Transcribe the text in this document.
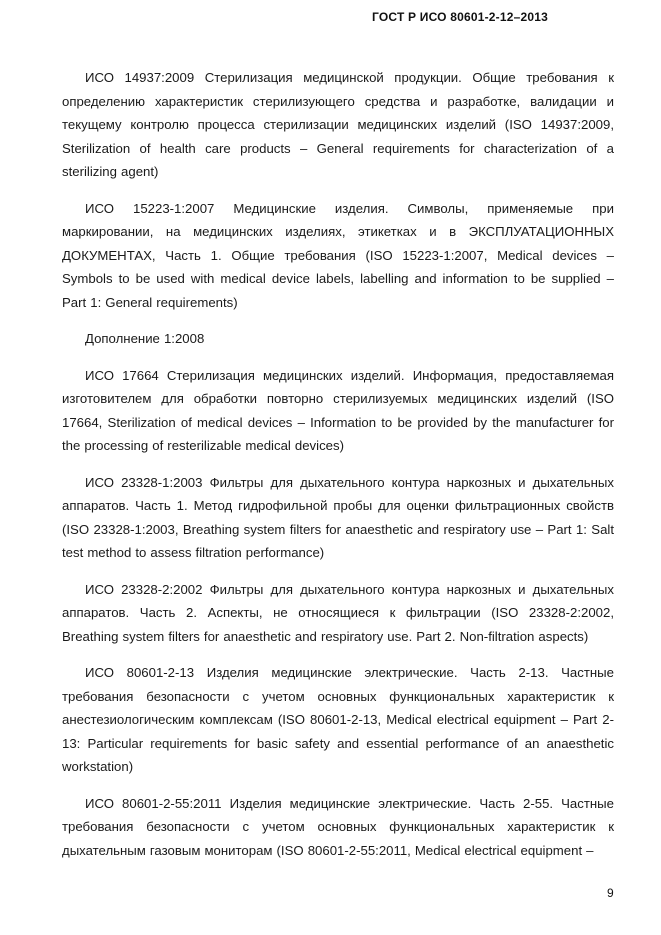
ГОСТ Р ИСО 80601-2-12–2013

ИСО 14937:2009 Стерилизация медицинской продукции. Общие требования к определению характеристик стерилизующего средства и разработке, валидации и текущему контролю процесса стерилизации медицинских изделий (ISO 14937:2009, Sterilization of health care products – General requirements for characterization of a sterilizing agent)

ИСО 15223-1:2007 Медицинские изделия. Символы, применяемые при маркировании, на медицинских изделиях, этикетках и в ЭКСПЛУАТАЦИОННЫХ ДОКУМЕНТАХ, Часть 1. Общие требования (ISO 15223-1:2007, Medical devices – Symbols to be used with medical device labels, labelling and information to be supplied – Part 1: General requirements)

Дополнение 1:2008

ИСО 17664 Стерилизация медицинских изделий. Информация, предоставляемая изготовителем для обработки повторно стерилизуемых медицинских изделий (ISO 17664, Sterilization of medical devices – Information to be provided by the manufacturer for the processing of resterilizable medical devices)

ИСО 23328-1:2003 Фильтры для дыхательного контура наркозных и дыхательных аппаратов. Часть 1. Метод гидрофильной пробы для оценки фильтрационных свойств (ISO 23328-1:2003, Breathing system filters for anaesthetic and respiratory use – Part 1: Salt test method to assess filtration performance)

ИСО 23328-2:2002 Фильтры для дыхательного контура наркозных и дыхательных аппаратов. Часть 2. Аспекты, не относящиеся к фильтрации (ISO 23328-2:2002, Breathing system filters for anaesthetic and respiratory use. Part 2. Non-filtration aspects)

ИСО 80601-2-13 Изделия медицинские электрические. Часть 2-13. Частные требования безопасности с учетом основных функциональных характеристик к анестезиологическим комплексам (ISO 80601-2-13, Medical electrical equipment – Part 2-13: Particular requirements for basic safety and essential performance of an anaesthetic workstation)

ИСО 80601-2-55:2011 Изделия медицинские электрические. Часть 2-55. Частные требования безопасности с учетом основных функциональных характеристик к дыхательным газовым мониторам (ISO 80601-2-55:2011, Medical electrical equipment –

9
